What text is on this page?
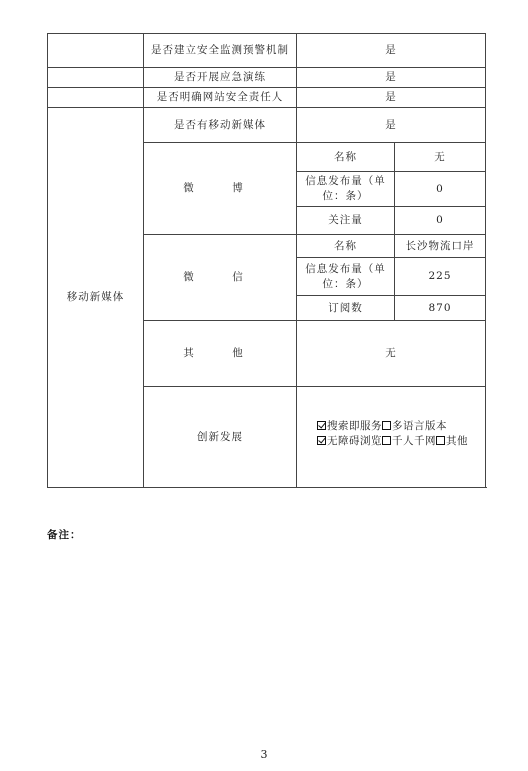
	是否建立安全监测预警机制	是	
	是否开展应急演练	是	
	是否明确网站安全责任人	是	
移动新媒体	是否有移动新媒体	是	
	微　博	名称	无
		信息发布量（单位：条）	0
		关注量	0
	微　信	名称	长沙物流口岸
		信息发布量（单位：条）	225
		订阅数	870
	其　他	无	
	创新发展	搜索即服务 多语言版本无障碍浏览 千人千网 其他	
备注：
3
